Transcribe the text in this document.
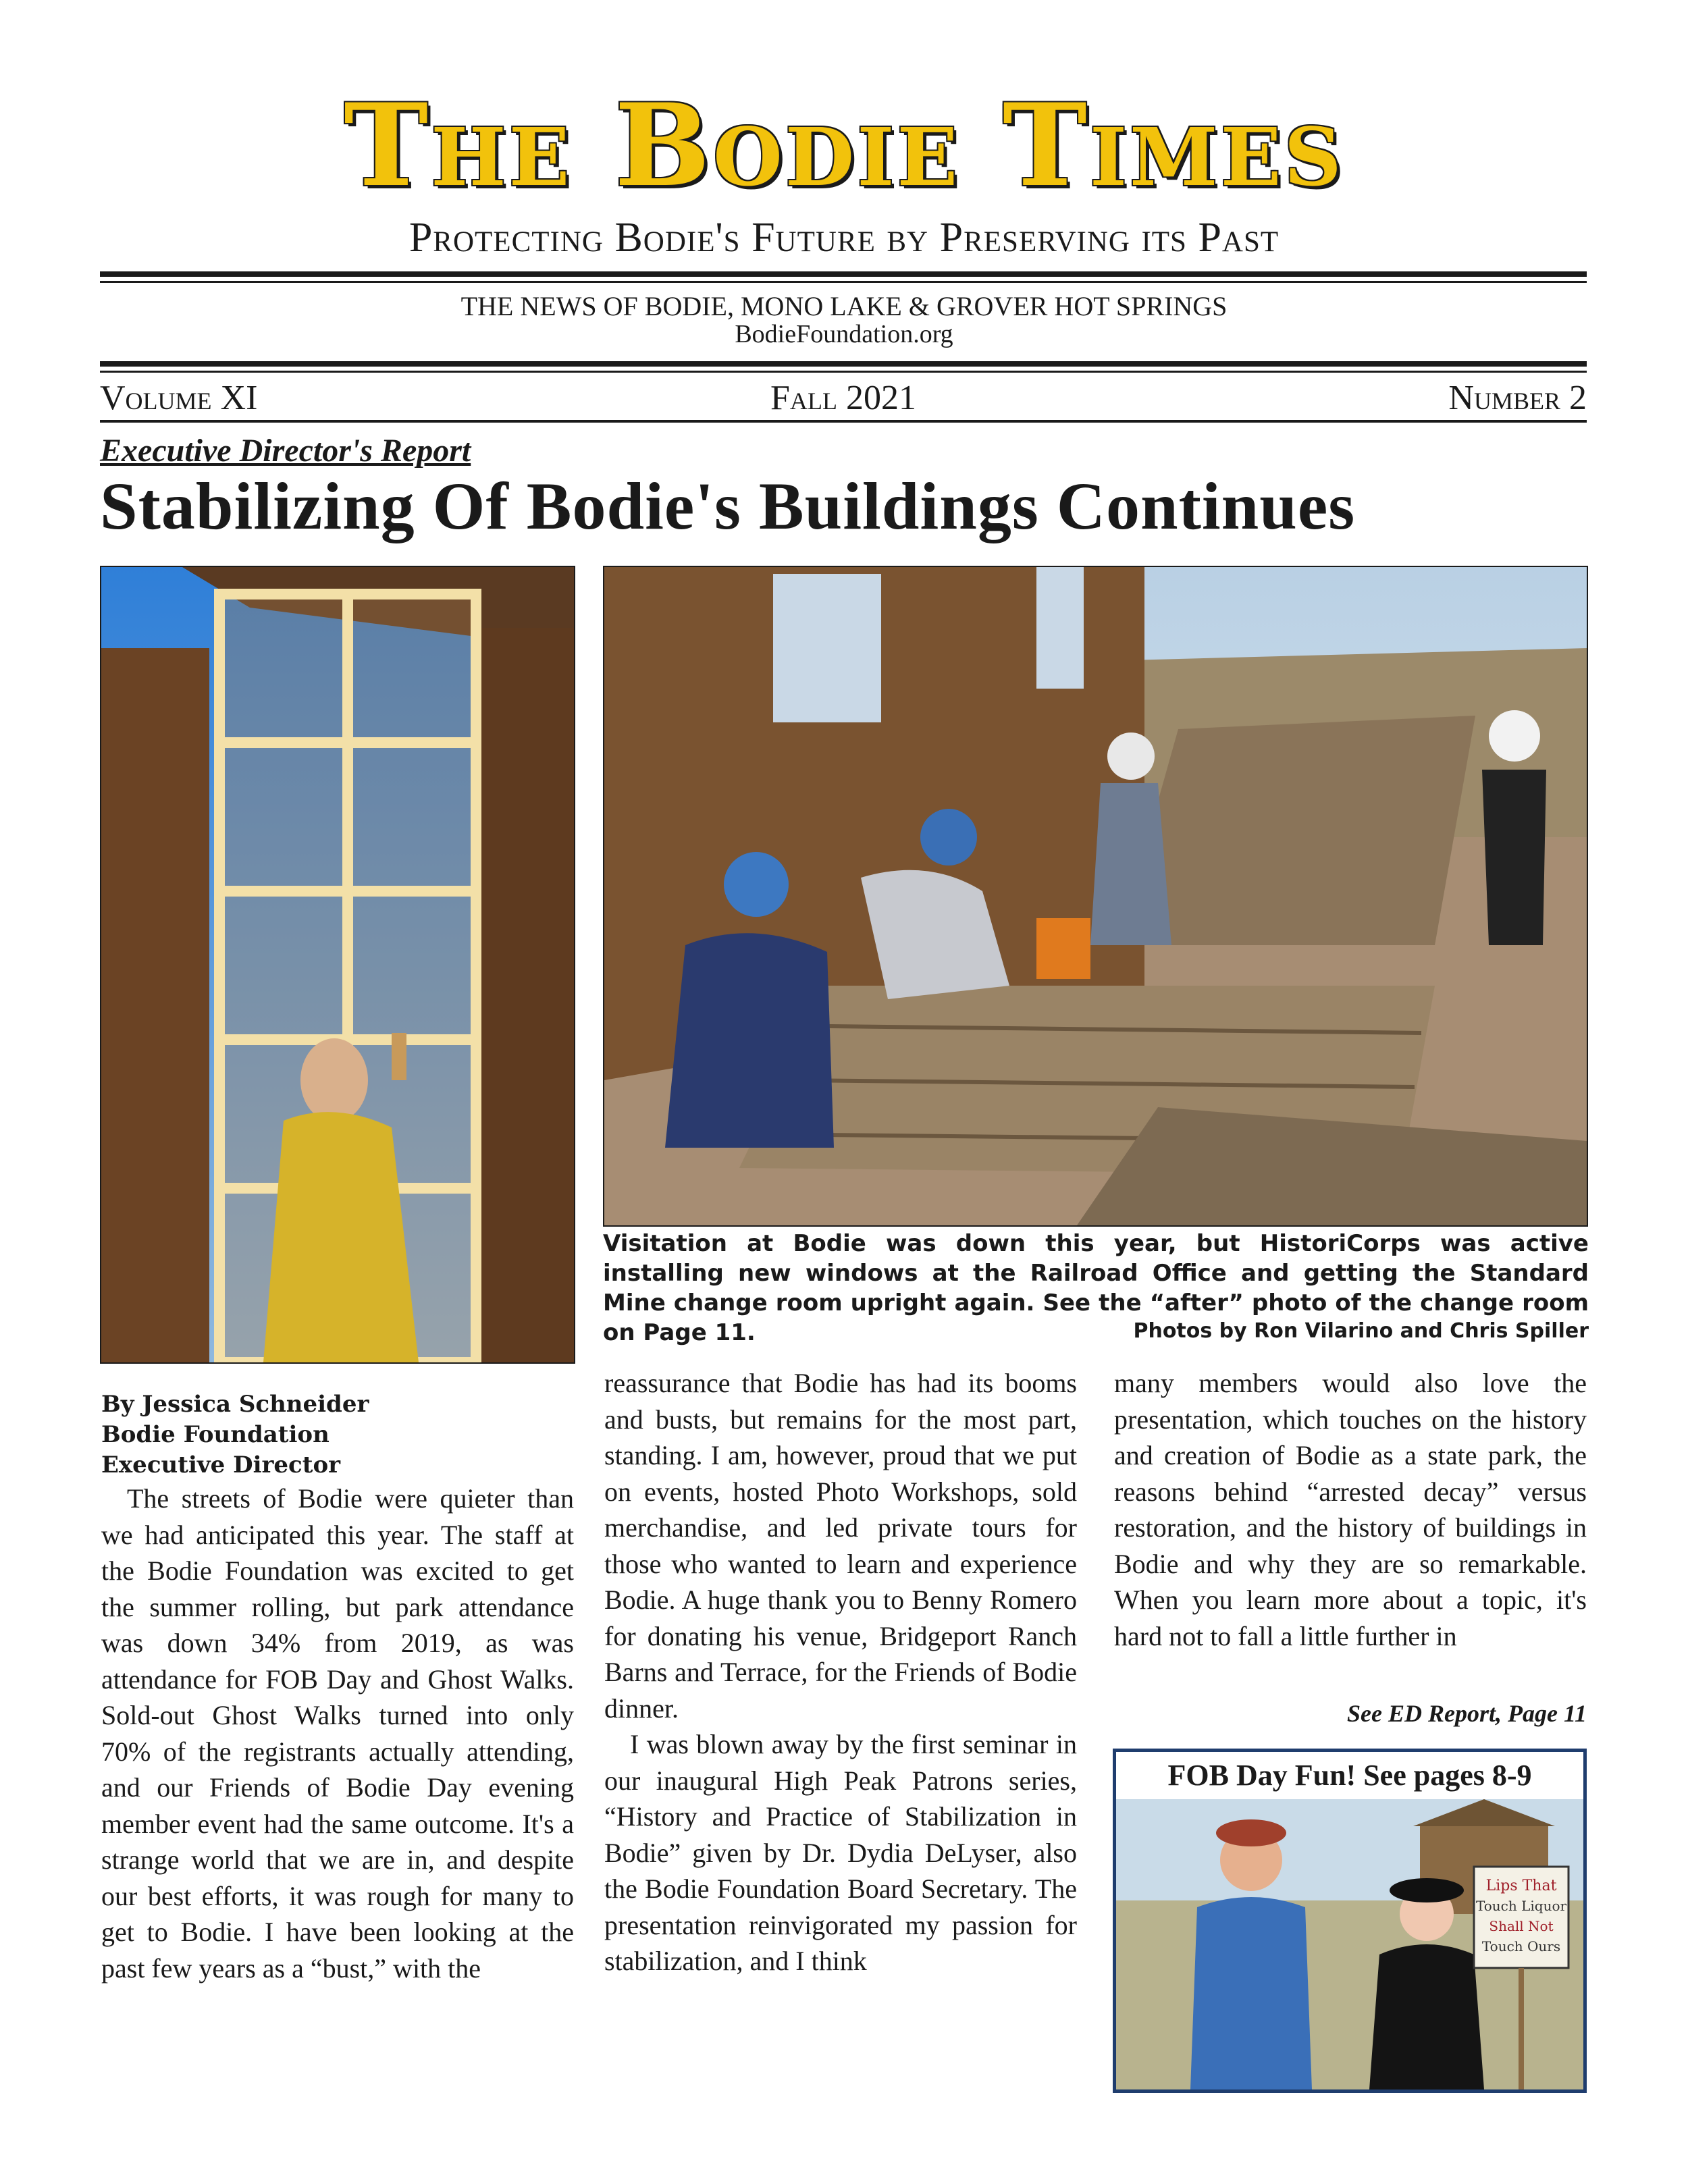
The Bodie Times
Protecting Bodie's Future by Preserving its Past
THE NEWS OF BODIE, MONO LAKE & GROVER HOT SPRINGS
BodieFoundation.org
Volume XI	Fall 2021	Number 2
Executive Director's Report
Stabilizing Of Bodie's Buildings Continues
Visitation at Bodie was down this year, but HistoriCorps was active installing new windows at the Railroad Office and getting the Standard Mine change room upright again. See the “after” photo of the change room on Page 11.	Photos by Ron Vilarino and Chris Spiller
By Jessica Schneider
Bodie Foundation
Executive Director

The streets of Bodie were quieter than we had anticipated this year. The staff at the Bodie Foundation was excited to get the summer rolling, but park attendance was down 34% from 2019, as was attendance for FOB Day and Ghost Walks. Sold-out Ghost Walks turned into only 70% of the registrants actually attending, and our Friends of Bodie Day evening member event had the same outcome. It's a strange world that we are in, and despite our best efforts, it was rough for many to get to Bodie. I have been looking at the past few years as a “bust,” with the

reassurance that Bodie has had its booms and busts, but remains for the most part, standing. I am, however, proud that we put on events, hosted Photo Workshops, sold merchandise, and led private tours for those who wanted to learn and experience Bodie. A huge thank you to Benny Romero for donating his venue, Bridgeport Ranch Barns and Terrace, for the Friends of Bodie dinner.

I was blown away by the first seminar in our inaugural High Peak Patrons series, “History and Practice of Stabilization in Bodie” given by Dr. Dydia DeLyser, also the Bodie Foundation Board Secretary. The presentation reinvigorated my passion for stabilization, and I think

many members would also love the presentation, which touches on the history and creation of Bodie as a state park, the reasons behind “arrested decay” versus restoration, and the history of buildings in Bodie and why they are so remarkable. When you learn more about a topic, it's hard not to fall a little further in

See ED Report, Page 11
FOB Day Fun! See pages 8-9
Lips That
Touch Liquor
Shall Not
Touch Ours
